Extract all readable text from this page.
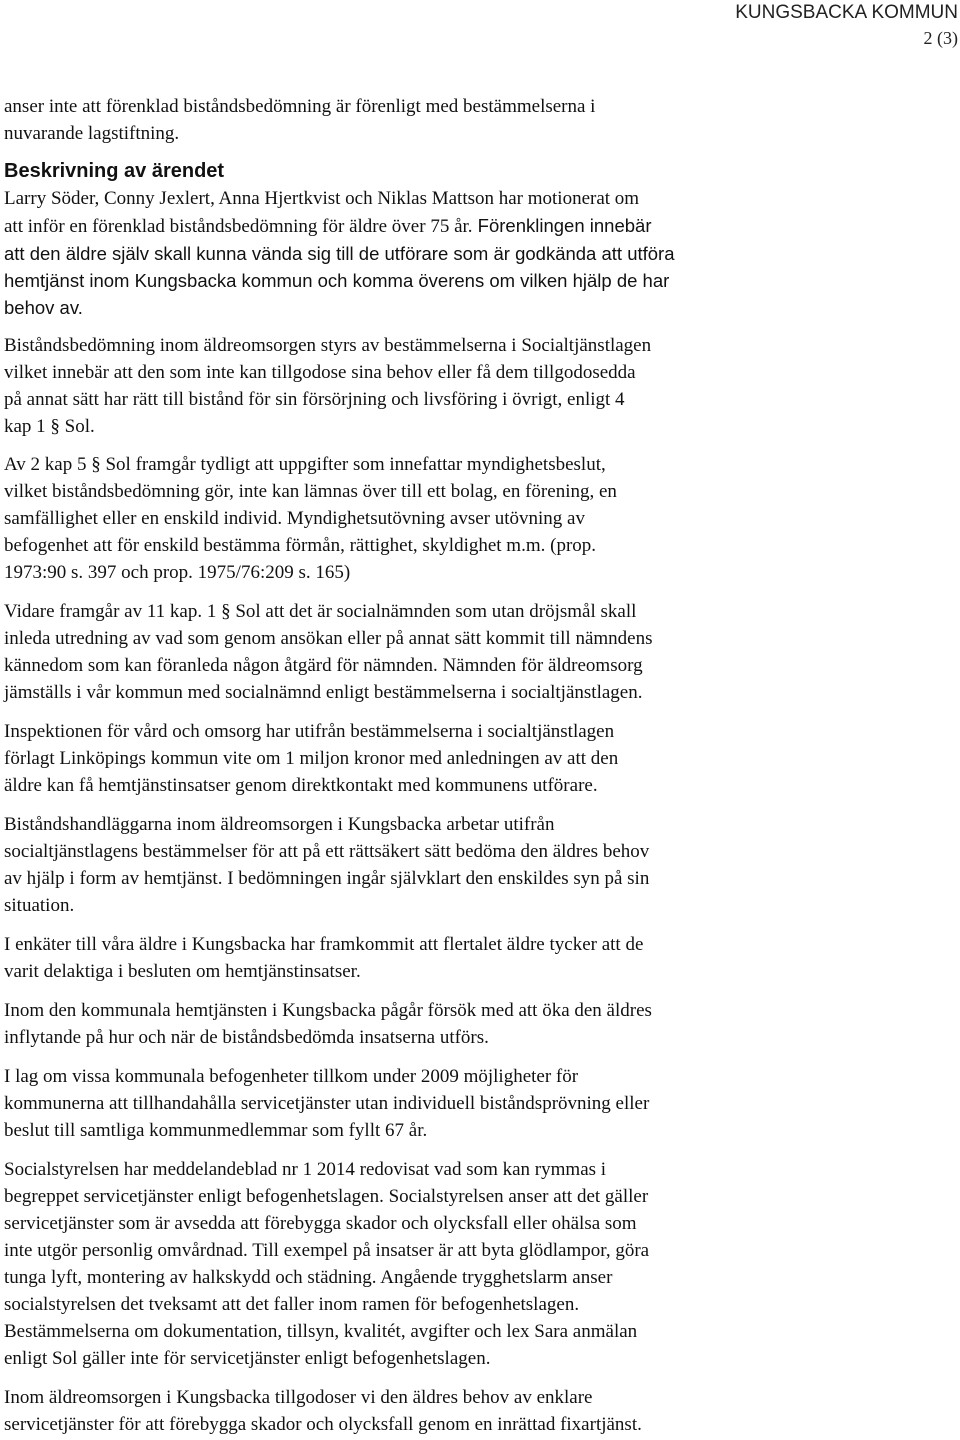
KUNGSBACKA KOMMUN
2 (3)

anser inte att förenklad biståndsbedömning är förenligt med bestämmelserna i
nuvarande lagstiftning.

Beskrivning av ärendet

Larry Söder, Conny Jexlert, Anna Hjertkvist och Niklas Mattson har motionerat om
att inför en förenklad biståndsbedömning för äldre över 75 år. Förenklingen innebär
att den äldre själv skall kunna vända sig till de utförare som är godkända att utföra
hemtjänst inom Kungsbacka kommun och komma överens om vilken hjälp de har
behov av.

Biståndsbedömning inom äldreomsorgen styrs av bestämmelserna i Socialtjänstlagen
vilket innebär att den som inte kan tillgodose sina behov eller få dem tillgodosedda
på annat sätt har rätt till bistånd för sin försörjning och livsföring i övrigt, enligt 4
kap 1 § Sol.

Av 2 kap 5 § Sol framgår tydligt att uppgifter som innefattar myndighetsbeslut,
vilket biståndsbedömning gör, inte kan lämnas över till ett bolag, en förening, en
samfällighet eller en enskild individ. Myndighetsutövning avser utövning av
befogenhet att för enskild bestämma förmån, rättighet, skyldighet m.m. (prop.
1973:90 s. 397 och prop. 1975/76:209 s. 165)

Vidare framgår av 11 kap. 1 § Sol att det är socialnämnden som utan dröjsmål skall
inleda utredning av vad som genom ansökan eller på annat sätt kommit till nämndens
kännedom som kan föranleda någon åtgärd för nämnden. Nämnden för äldreomsorg
jämställs i vår kommun med socialnämnd enligt bestämmelserna i socialtjänstlagen.

Inspektionen för vård och omsorg har utifrån bestämmelserna i socialtjänstlagen
förlagt Linköpings kommun vite om 1 miljon kronor med anledningen av att den
äldre kan få hemtjänstinsatser genom direktkontakt med kommunens utförare.

Biståndshandläggarna inom äldreomsorgen i Kungsbacka arbetar utifrån
socialtjänstlagens bestämmelser för att på ett rättsäkert sätt bedöma den äldres behov
av hjälp i form av hemtjänst. I bedömningen ingår självklart den enskildes syn på sin
situation.

I enkäter till våra äldre i Kungsbacka har framkommit att flertalet äldre tycker att de
varit delaktiga i besluten om hemtjänstinsatser.

Inom den kommunala hemtjänsten i Kungsbacka pågår försök med att öka den äldres
inflytande på hur och när de biståndsbedömda insatserna utförs.

I lag om vissa kommunala befogenheter tillkom under 2009 möjligheter för
kommunerna att tillhandahålla servicetjänster utan individuell biståndsprövning eller
beslut till samtliga kommunmedlemmar som fyllt 67 år.

Socialstyrelsen har meddelandeblad nr 1 2014 redovisat vad som kan rymmas i
begreppet servicetjänster enligt befogenhetslagen. Socialstyrelsen anser att det gäller
servicetjänster som är avsedda att förebygga skador och olycksfall eller ohälsa som
inte utgör personlig omvårdnad. Till exempel på insatser är att byta glödlampor, göra
tunga lyft, montering av halkskydd och städning. Angående trygghetslarm anser
socialstyrelsen det tveksamt att det faller inom ramen för befogenhetslagen.
Bestämmelserna om dokumentation, tillsyn, kvalitét, avgifter och lex Sara anmälan
enligt Sol gäller inte för servicetjänster enligt befogenhetslagen.

Inom äldreomsorgen i Kungsbacka tillgodoser vi den äldres behov av enklare
servicetjänster för att förebygga skador och olycksfall genom en inrättad fixartjänst.
